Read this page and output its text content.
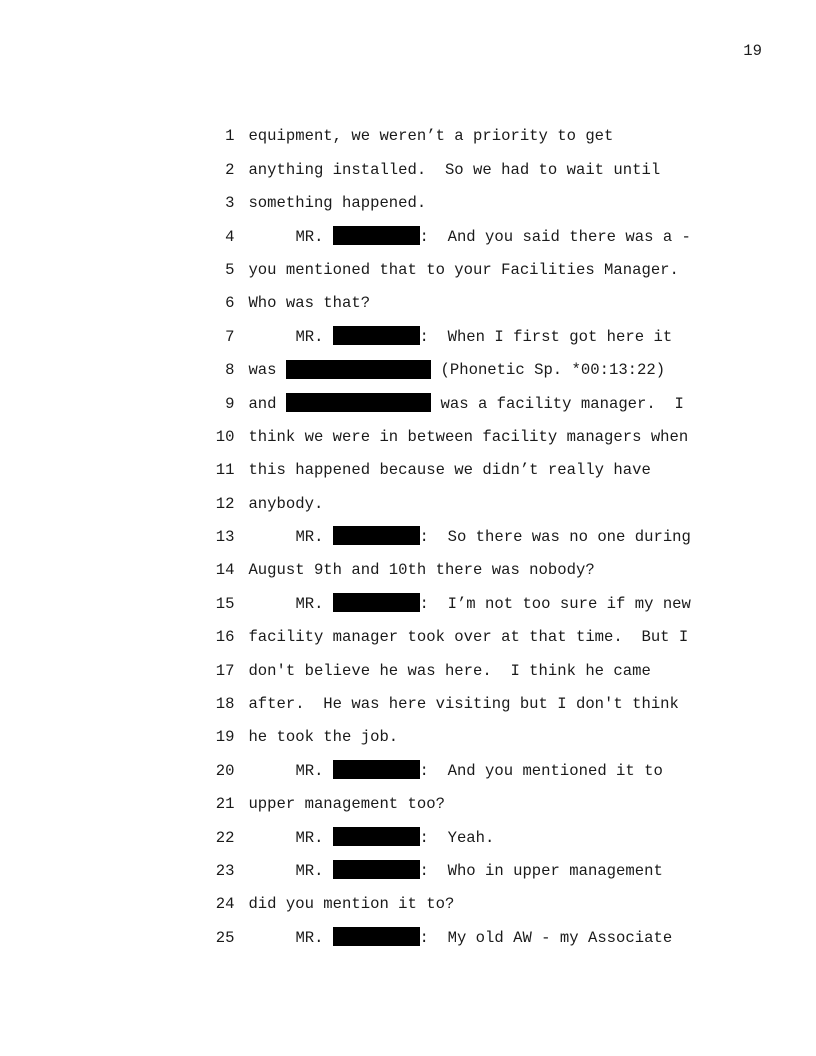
19

1 equipment, we weren’t a priority to get

2 anything installed.  So we had to wait until

3 something happened.

4	MR.	:  And you said there was a -

5 you mentioned that to your Facilities Manager.

6 Who was that?

7	MR.	:  When I first got here it

8 was	(Phonetic Sp. *00:13:22)

9 and	was a facility manager.  I

10 think we were in between facility managers when

11 this happened because we didn’t really have

12 anybody.

13	MR.	:  So there was no one during

14 August 9th and 10th there was nobody?

15	MR.	:  I’m not too sure if my new

16 facility manager took over at that time.  But I

17 don't believe he was here.  I think he came

18 after.  He was here visiting but I don't think

19 he took the job.

20	MR.	:  And you mentioned it to

21 upper management too?

22	MR.	:  Yeah.

23	MR.	:  Who in upper management

24 did you mention it to?

25	MR.	:  My old AW - my Associate
